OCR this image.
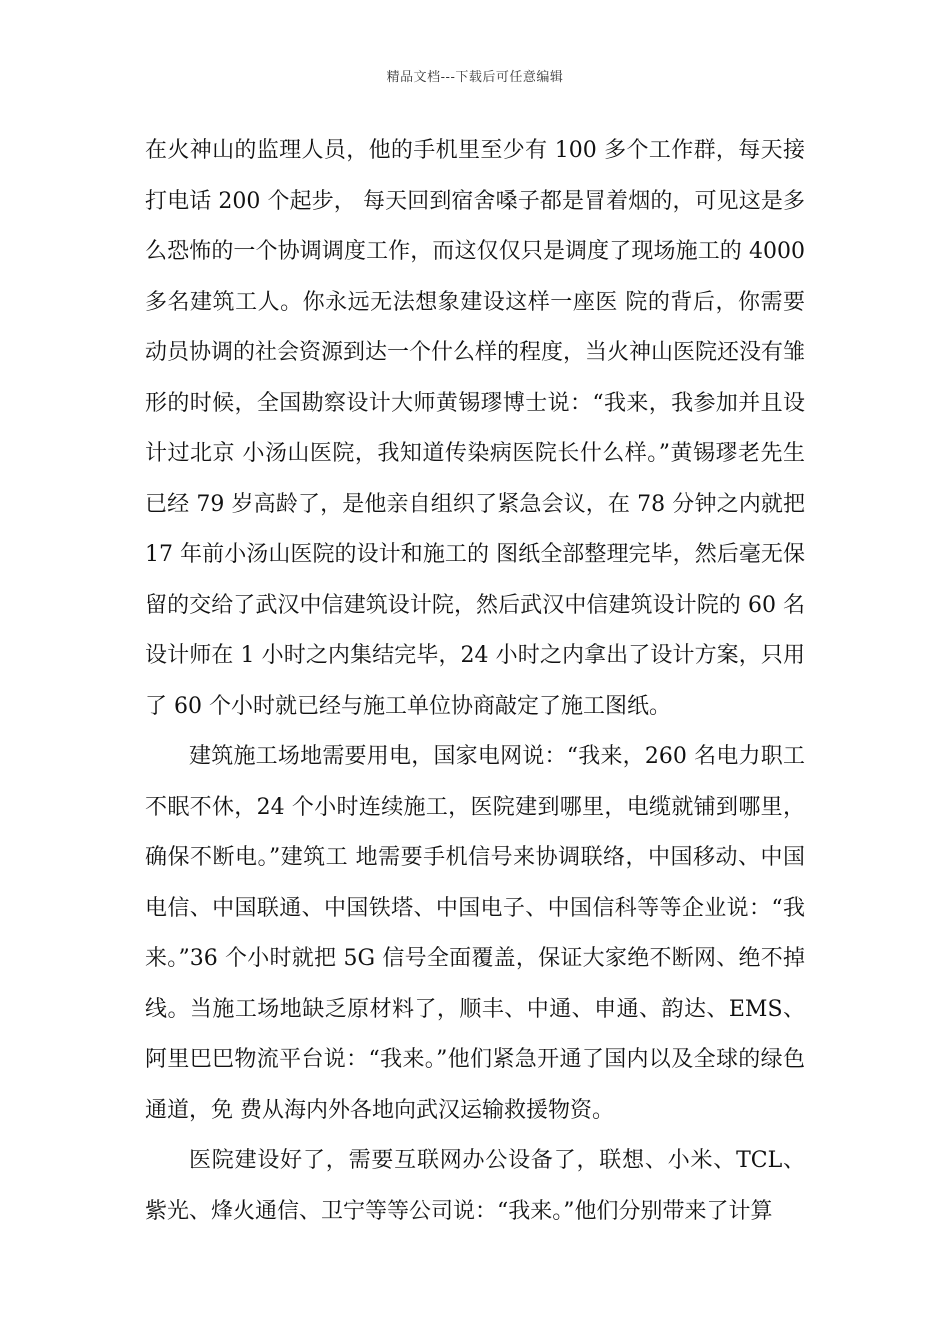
精品文档---下载后可任意编辑

在火神山的监理人员，他的手机里至少有 100 多个工作群，每天接打电话 200 个起步， 每天回到宿舍嗓子都是冒着烟的，可见这是多么恐怖的一个协调调度工作，而这仅仅只是调度了现场施工的 4000 多名建筑工人。你永远无法想象建设这样一座医 院的背后，你需要动员协调的社会资源到达一个什么样的程度，当火神山医院还没有雏形的时候，全国勘察设计大师黄锡璆博士说：“我来，我参加并且设计过北京 小汤山医院，我知道传染病医院长什么样。”黄锡璆老先生已经 79 岁高龄了，是他亲自组织了紧急会议，在 78 分钟之内就把 17 年前小汤山医院的设计和施工的 图纸全部整理完毕，然后毫无保留的交给了武汉中信建筑设计院，然后武汉中信建筑设计院的 60 名设计师在 1 小时之内集结完毕，24 小时之内拿出了设计方案，只用了 60 个小时就已经与施工单位协商敲定了施工图纸。

建筑施工场地需要用电，国家电网说：“我来，260 名电力职工不眠不休，24 个小时连续施工，医院建到哪里，电缆就铺到哪里，确保不断电。”建筑工 地需要手机信号来协调联络，中国移动、中国电信、中国联通、中国铁塔、中国电子、中国信科等等企业说：“我来。”36 个小时就把 5G 信号全面覆盖，保证大家绝不断网、绝不掉线。当施工场地缺乏原材料了，顺丰、中通、申通、韵达、EMS、阿里巴巴物流平台说：“我来。”他们紧急开通了国内以及全球的绿色通道，免 费从海内外各地向武汉运输救援物资。

医院建设好了，需要互联网办公设备了，联想、小米、TCL、紫光、烽火通信、卫宁等等公司说：“我来。”他们分别带来了计算
